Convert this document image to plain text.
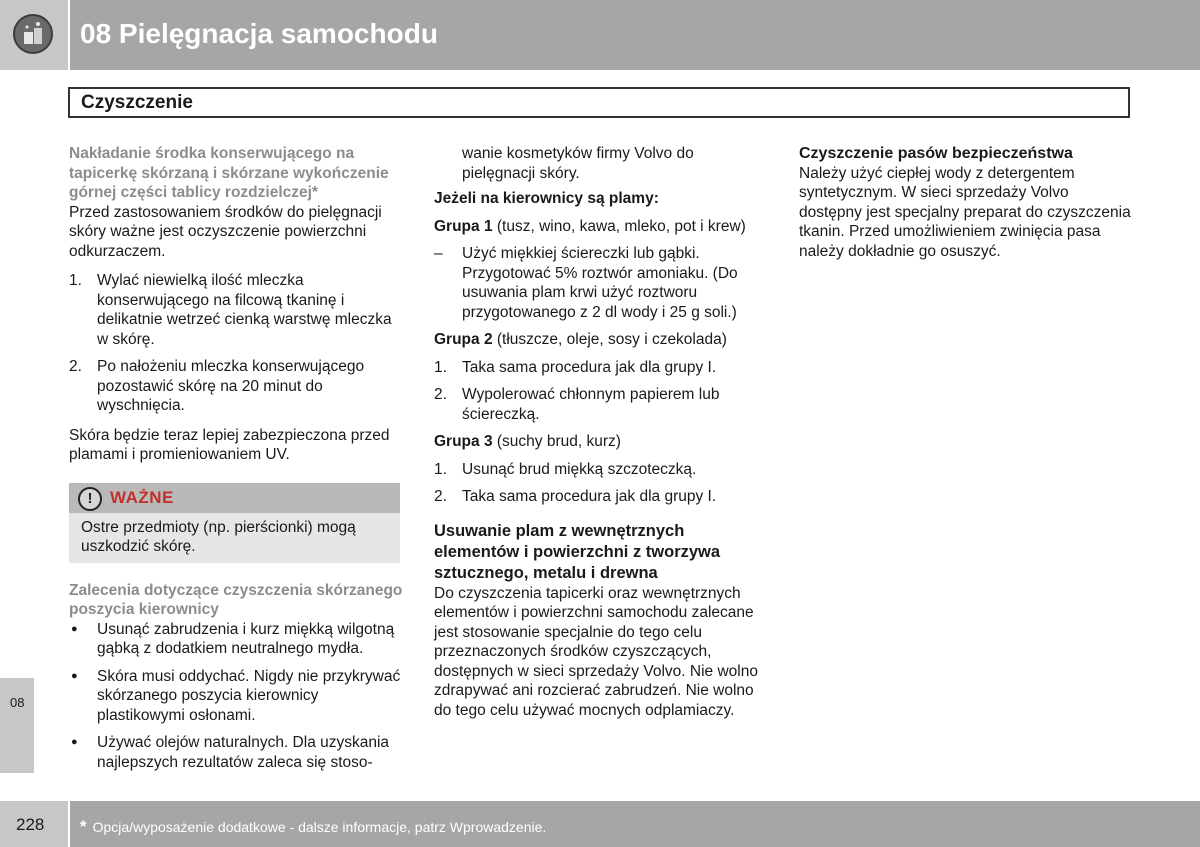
08 Pielęgnacja samochodu
Czyszczenie
08

Nakładanie środka konserwującego na tapicerkę skórzaną i skórzane wykończenie górnej części tablicy rozdzielczej*

Przed zastosowaniem środków do pielęgnacji skóry ważne jest oczyszczenie powierzchni odkurzaczem.

1. Wylać niewielką ilość mleczka konserwującego na filcową tkaninę i delikatnie wetrzeć cienką warstwę mleczka w skórę.

2. Po nałożeniu mleczka konserwującego pozostawić skórę na 20 minut do wyschnięcia.

Skóra będzie teraz lepiej zabezpieczona przed plamami i promieniowaniem UV.

!	WAŻNE
Ostre przedmioty (np. pierścionki) mogą uszkodzić skórę.

Zalecenia dotyczące czyszczenia skórzanego poszycia kierownicy

● Usunąć zabrudzenia i kurz miękką wilgotną gąbką z dodatkiem neutralnego mydła.

● Skóra musi oddychać. Nigdy nie przykrywać skórzanego poszycia kierownicy plastikowymi osłonami.

● Używać olejów naturalnych. Dla uzyskania najlepszych rezultatów zaleca się stoso-

wanie kosmetyków firmy Volvo do pielęgnacji skóry.

Jeżeli na kierownicy są plamy:

Grupa 1 (tusz, wino, kawa, mleko, pot i krew)

– Użyć miękkiej ściereczki lub gąbki. Przygotować 5% roztwór amoniaku. (Do usuwania plam krwi użyć roztworu przygotowanego z 2 dl wody i 25 g soli.)

Grupa 2 (tłuszcze, oleje, sosy i czekolada)

1. Taka sama procedura jak dla grupy I.

2. Wypolerować chłonnym papierem lub ściereczką.

Grupa 3 (suchy brud, kurz)

1. Usunąć brud miękką szczoteczką.

2. Taka sama procedura jak dla grupy I.

Usuwanie plam z wewnętrznych elementów i powierzchni z tworzywa sztucznego, metalu i drewna

Do czyszczenia tapicerki oraz wewnętrznych elementów i powierzchni samochodu zalecane jest stosowanie specjalnie do tego celu przeznaczonych środków czyszczących, dostępnych w sieci sprzedaży Volvo. Nie wolno zdrapywać ani rozcierać zabrudzeń. Nie wolno do tego celu używać mocnych odplamiaczy.

Czyszczenie pasów bezpieczeństwa

Należy użyć ciepłej wody z detergentem syntetycznym. W sieci sprzedaży Volvo dostępny jest specjalny preparat do czyszczenia tkanin. Przed umożliwieniem zwinięcia pasa należy dokładnie go osuszyć.

228 * Opcja/wyposażenie dodatkowe - dalsze informacje, patrz Wprowadzenie.
